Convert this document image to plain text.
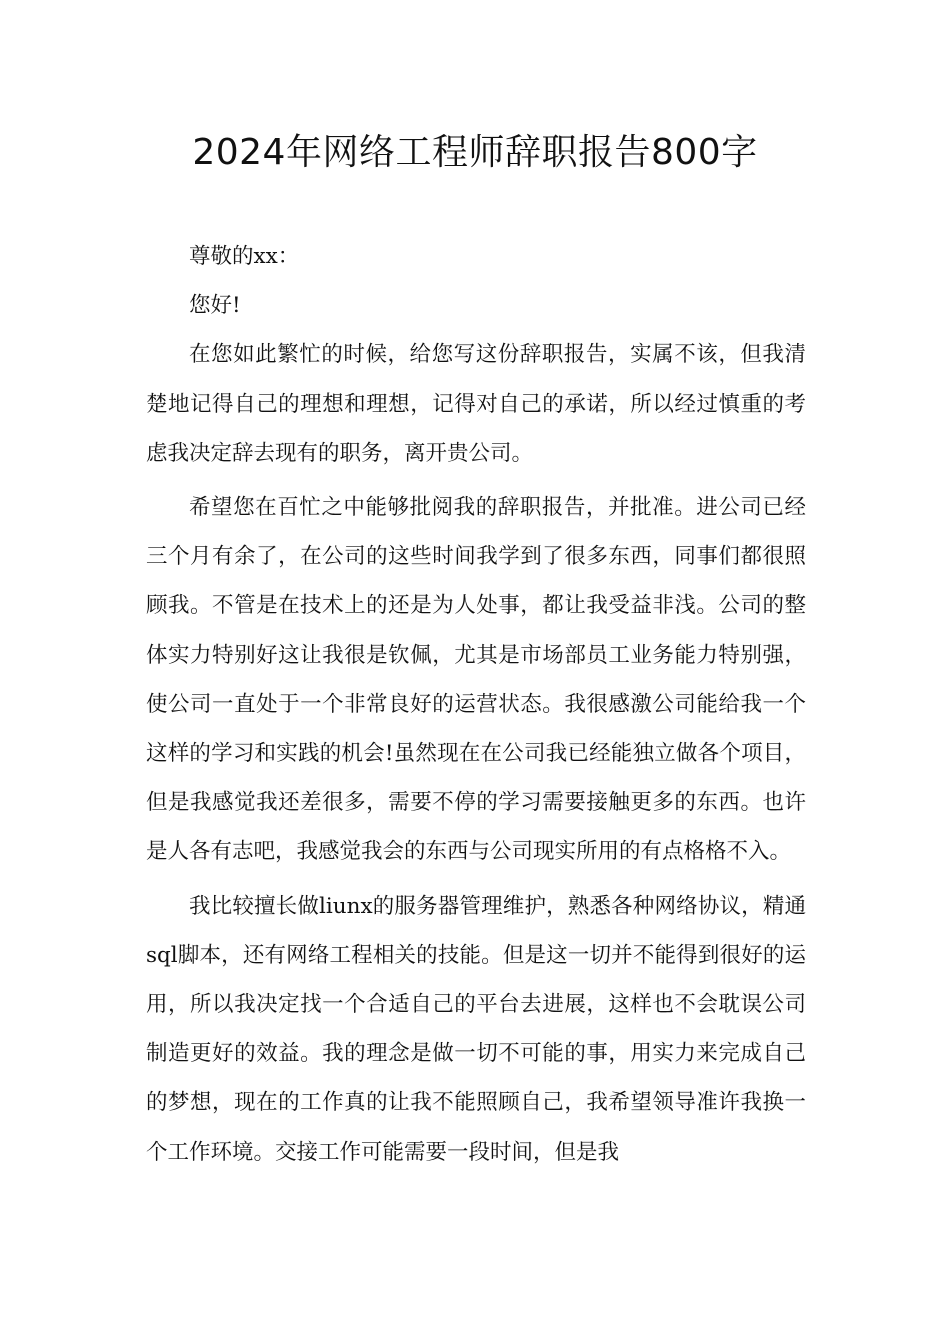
2024年网络工程师辞职报告800字

尊敬的xx：

您好!

在您如此繁忙的时候，给您写这份辞职报告，实属不该，但我清楚地记得自己的理想和理想，记得对自己的承诺，所以经过慎重的考虑我决定辞去现有的职务，离开贵公司。

希望您在百忙之中能够批阅我的辞职报告，并批准。进公司已经三个月有余了，在公司的这些时间我学到了很多东西，同事们都很照顾我。不管是在技术上的还是为人处事，都让我受益非浅。公司的整体实力特别好这让我很是钦佩，尤其是市场部员工业务能力特别强，使公司一直处于一个非常良好的运营状态。我很感激公司能给我一个这样的学习和实践的机会!虽然现在在公司我已经能独立做各个项目，但是我感觉我还差很多，需要不停的学习需要接触更多的东西。也许是人各有志吧，我感觉我会的东西与公司现实所用的有点格格不入。

我比较擅长做liunx的服务器管理维护，熟悉各种网络协议，精通sql脚本，还有网络工程相关的技能。但是这一切并不能得到很好的运用，所以我决定找一个合适自己的平台去进展，这样也不会耽误公司制造更好的效益。我的理念是做一切不可能的事，用实力来完成自己的梦想，现在的工作真的让我不能照顾自己，我希望领导准许我换一个工作环境。交接工作可能需要一段时间，但是我
